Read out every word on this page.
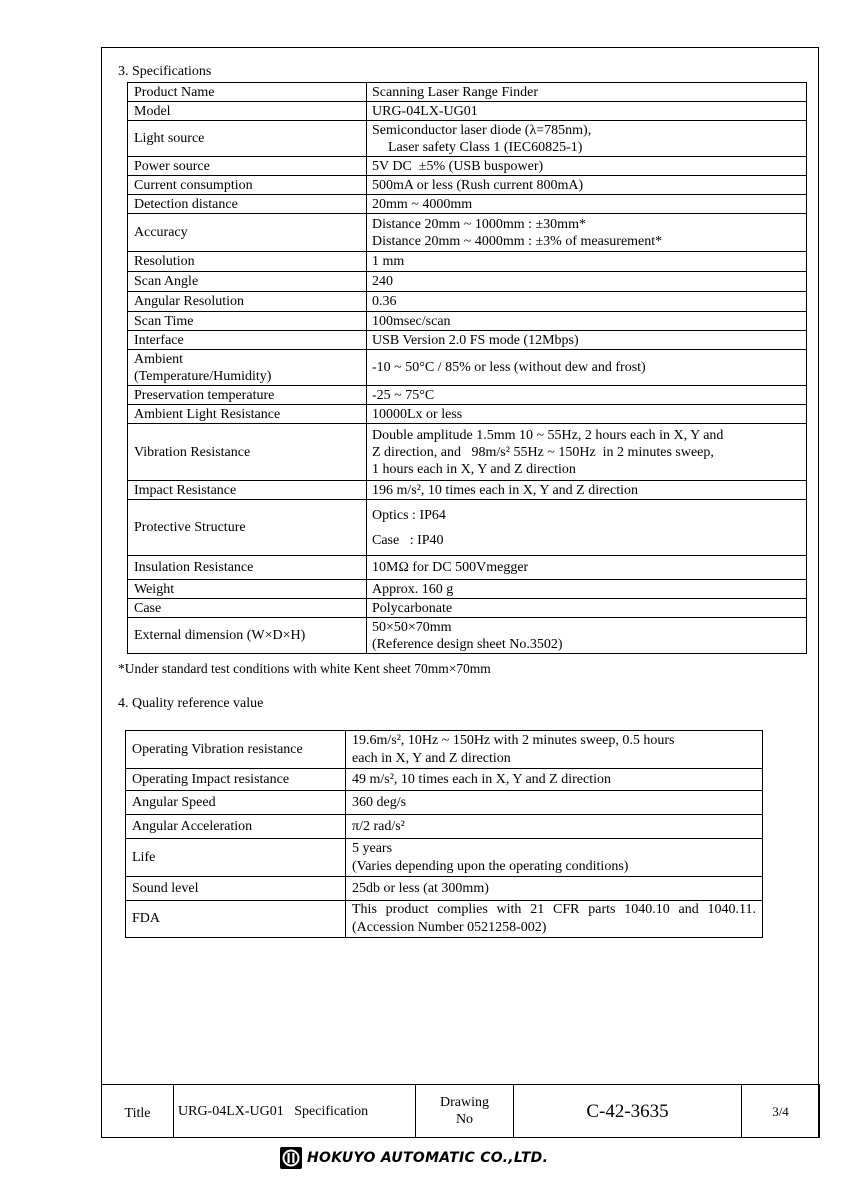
3. Specifications
Product Name	Scanning Laser Range Finder

Model	URG-04LX-UG01

Light source	Semiconductor laser diode (λ=785nm),
Laser safety Class 1 (IEC60825-1)

Power source	5V DC  ±5% (USB buspower)

Current consumption	500mA or less (Rush current 800mA)

Detection distance	20mm ~ 4000mm

Accuracy	Distance 20mm ~ 1000mm : ±30mm*
Distance 20mm ~ 4000mm : ±3% of measurement*

Resolution	1 mm

Scan Angle	240

Angular Resolution	0.36

Scan Time	100msec/scan

Interface	USB Version 2.0 FS mode (12Mbps)

Ambient
(Temperature/Humidity)	-10 ~ 50°C / 85% or less (without dew and frost)

Preservation temperature	-25 ~ 75°C

Ambient Light Resistance	10000Lx or less

Vibration Resistance	Double amplitude 1.5mm 10 ~ 55Hz, 2 hours each in X, Y and
Z direction, and   98m/s² 55Hz ~ 150Hz  in 2 minutes sweep,
1 hours each in X, Y and Z direction

Impact Resistance	196 m/s², 10 times each in X, Y and Z direction

Protective Structure	Optics : IP64
Case   : IP40

Insulation Resistance	10MΩ for DC 500Vmegger

Weight	Approx. 160 g

Case	Polycarbonate

External dimension (W×D×H)	50×50×70mm
(Reference design sheet No.3502)
*Under standard test conditions with white Kent sheet 70mm×70mm
4. Quality reference value
Operating Vibration resistance	19.6m/s², 10Hz ~ 150Hz with 2 minutes sweep, 0.5 hours
each in X, Y and Z direction

Operating Impact resistance	49 m/s², 10 times each in X, Y and Z direction

Angular Speed	360 deg/s

Angular Acceleration	π/2 rad/s²

Life	5 years
(Varies depending upon the operating conditions)

Sound level	25db or less (at 300mm)

FDA	This product complies with 21 CFR parts 1040.10 and 1040.11. (Accession Number 0521258-002)
Title	URG-04LX-UG01   Specification	
Drawing
No	C-42-3635	3/4
HOKUYO AUTOMATIC CO.,LTD.
